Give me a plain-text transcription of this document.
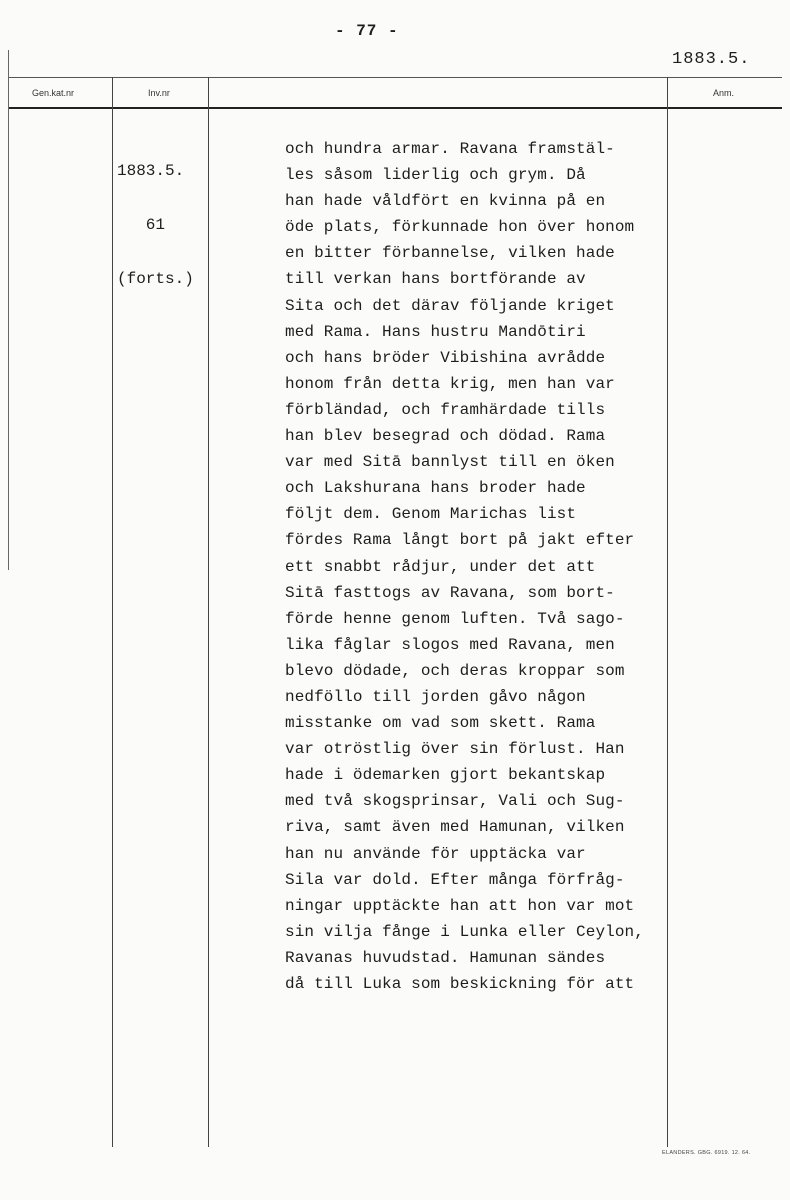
- 77 -
1883.5.
Gen.kat.nr	Inv.nr	Anm.

1883.5.

61

(forts.)

och hundra armar. Ravana framstäl-
les såsom liderlig och grym. Då
han hade våldfört en kvinna på en
öde plats, förkunnade hon över honom
en bitter förbannelse, vilken hade
till verkan hans bortförande av
Sita och det därav följande kriget
med Rama. Hans hustru Mandōtiri
och hans bröder Vibishina avrådde
honom från detta krig, men han var
förbländad, och framhärdade tills
han blev besegrad och dödad. Rama
var med Sitā bannlyst till en öken
och Lakshurana hans broder hade
följt dem. Genom Marichas list
fördes Rama långt bort på jakt efter
ett snabbt rådjur, under det att
Sitā fasttogs av Ravana, som bort-
förde henne genom luften. Två sago-
lika fåglar slogos med Ravana, men
blevo dödade, och deras kroppar som
nedföllo till jorden gåvo någon
misstanke om vad som skett. Rama
var otröstlig över sin förlust. Han
hade i ödemarken gjort bekantskap
med två skogsprinsar, Vali och Sug-
riva, samt även med Hamunan, vilken
han nu använde för upptäcka var
Sila var dold. Efter många förfråg-
ningar upptäckte han att hon var mot
sin vilja fånge i Lunka eller Ceylon,
Ravanas huvudstad. Hamunan sändes
då till Luka som beskickning för att
ELANDERS. GBG. 6919. 12. 64.
